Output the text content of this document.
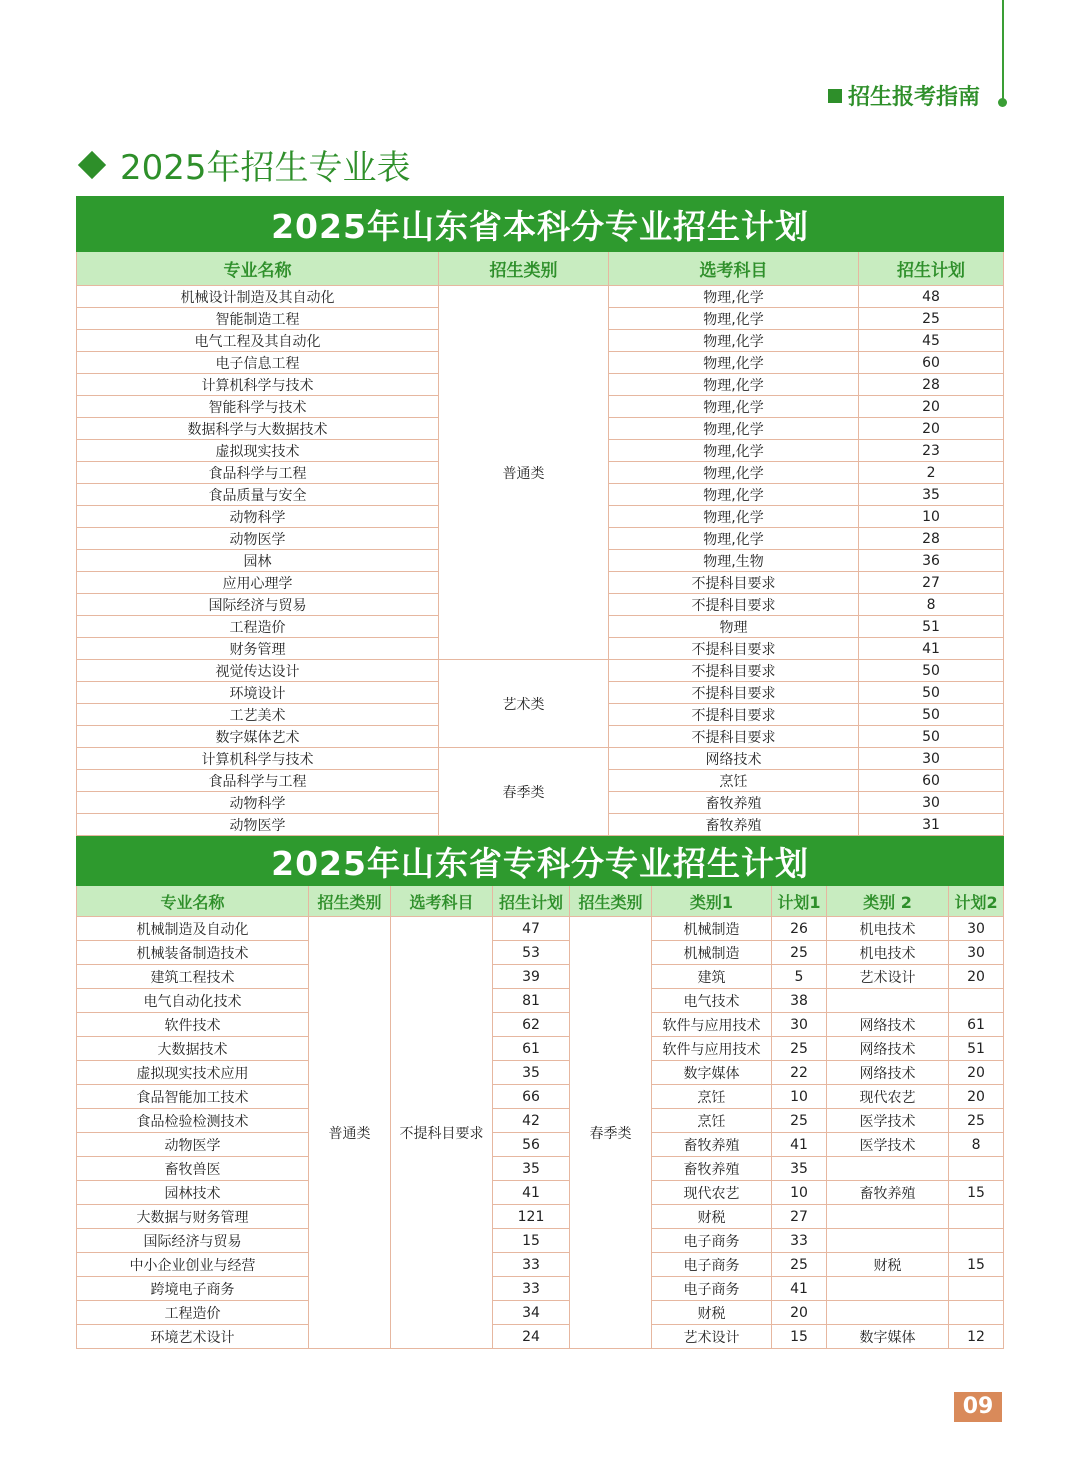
招生报考指南
2025年招生专业表
2025年山东省本科分专业招生计划			
专业名称	招生类别	选考科目	招生计划
机械设计制造及其自动化	普通类	物理,化学	48
智能制造工程		物理,化学	25
电气工程及其自动化		物理,化学	45
电子信息工程		物理,化学	60
计算机科学与技术		物理,化学	28
智能科学与技术		物理,化学	20
数据科学与大数据技术		物理,化学	20
虚拟现实技术		物理,化学	23
食品科学与工程		物理,化学	2
食品质量与安全		物理,化学	35
动物科学		物理,化学	10
动物医学		物理,化学	28
园林		物理,生物	36
应用心理学		不提科目要求	27
国际经济与贸易		不提科目要求	8
工程造价		物理	51
财务管理		不提科目要求	41
视觉传达设计	艺术类	不提科目要求	50
环境设计		不提科目要求	50
工艺美术		不提科目要求	50
数字媒体艺术		不提科目要求	50
计算机科学与技术	春季类	网络技术	30
食品科学与工程		烹饪	60
动物科学		畜牧养殖	30
动物医学		畜牧养殖	31
2025年山东省专科分专业招生计划								
专业名称	招生类别	选考科目	招生计划	招生类别	类别1	计划1	类别 2	计划2
机械制造及自动化	普通类	不提科目要求	47	春季类	机械制造	26	机电技术	30
机械装备制造技术			53		机械制造	25	机电技术	30
建筑工程技术			39		建筑	5	艺术设计	20
电气自动化技术			81		电气技术	38		
软件技术			62		软件与应用技术	30	网络技术	61
大数据技术			61		软件与应用技术	25	网络技术	51
虚拟现实技术应用			35		数字媒体	22	网络技术	20
食品智能加工技术			66		烹饪	10	现代农艺	20
食品检验检测技术			42		烹饪	25	医学技术	25
动物医学			56		畜牧养殖	41	医学技术	8
畜牧兽医			35		畜牧养殖	35		
园林技术			41		现代农艺	10	畜牧养殖	15
大数据与财务管理			121		财税	27		
国际经济与贸易			15		电子商务	33		
中小企业创业与经营			33		电子商务	25	财税	15
跨境电子商务			33		电子商务	41		
工程造价			34		财税	20		
环境艺术设计			24		艺术设计	15	数字媒体	12
09
